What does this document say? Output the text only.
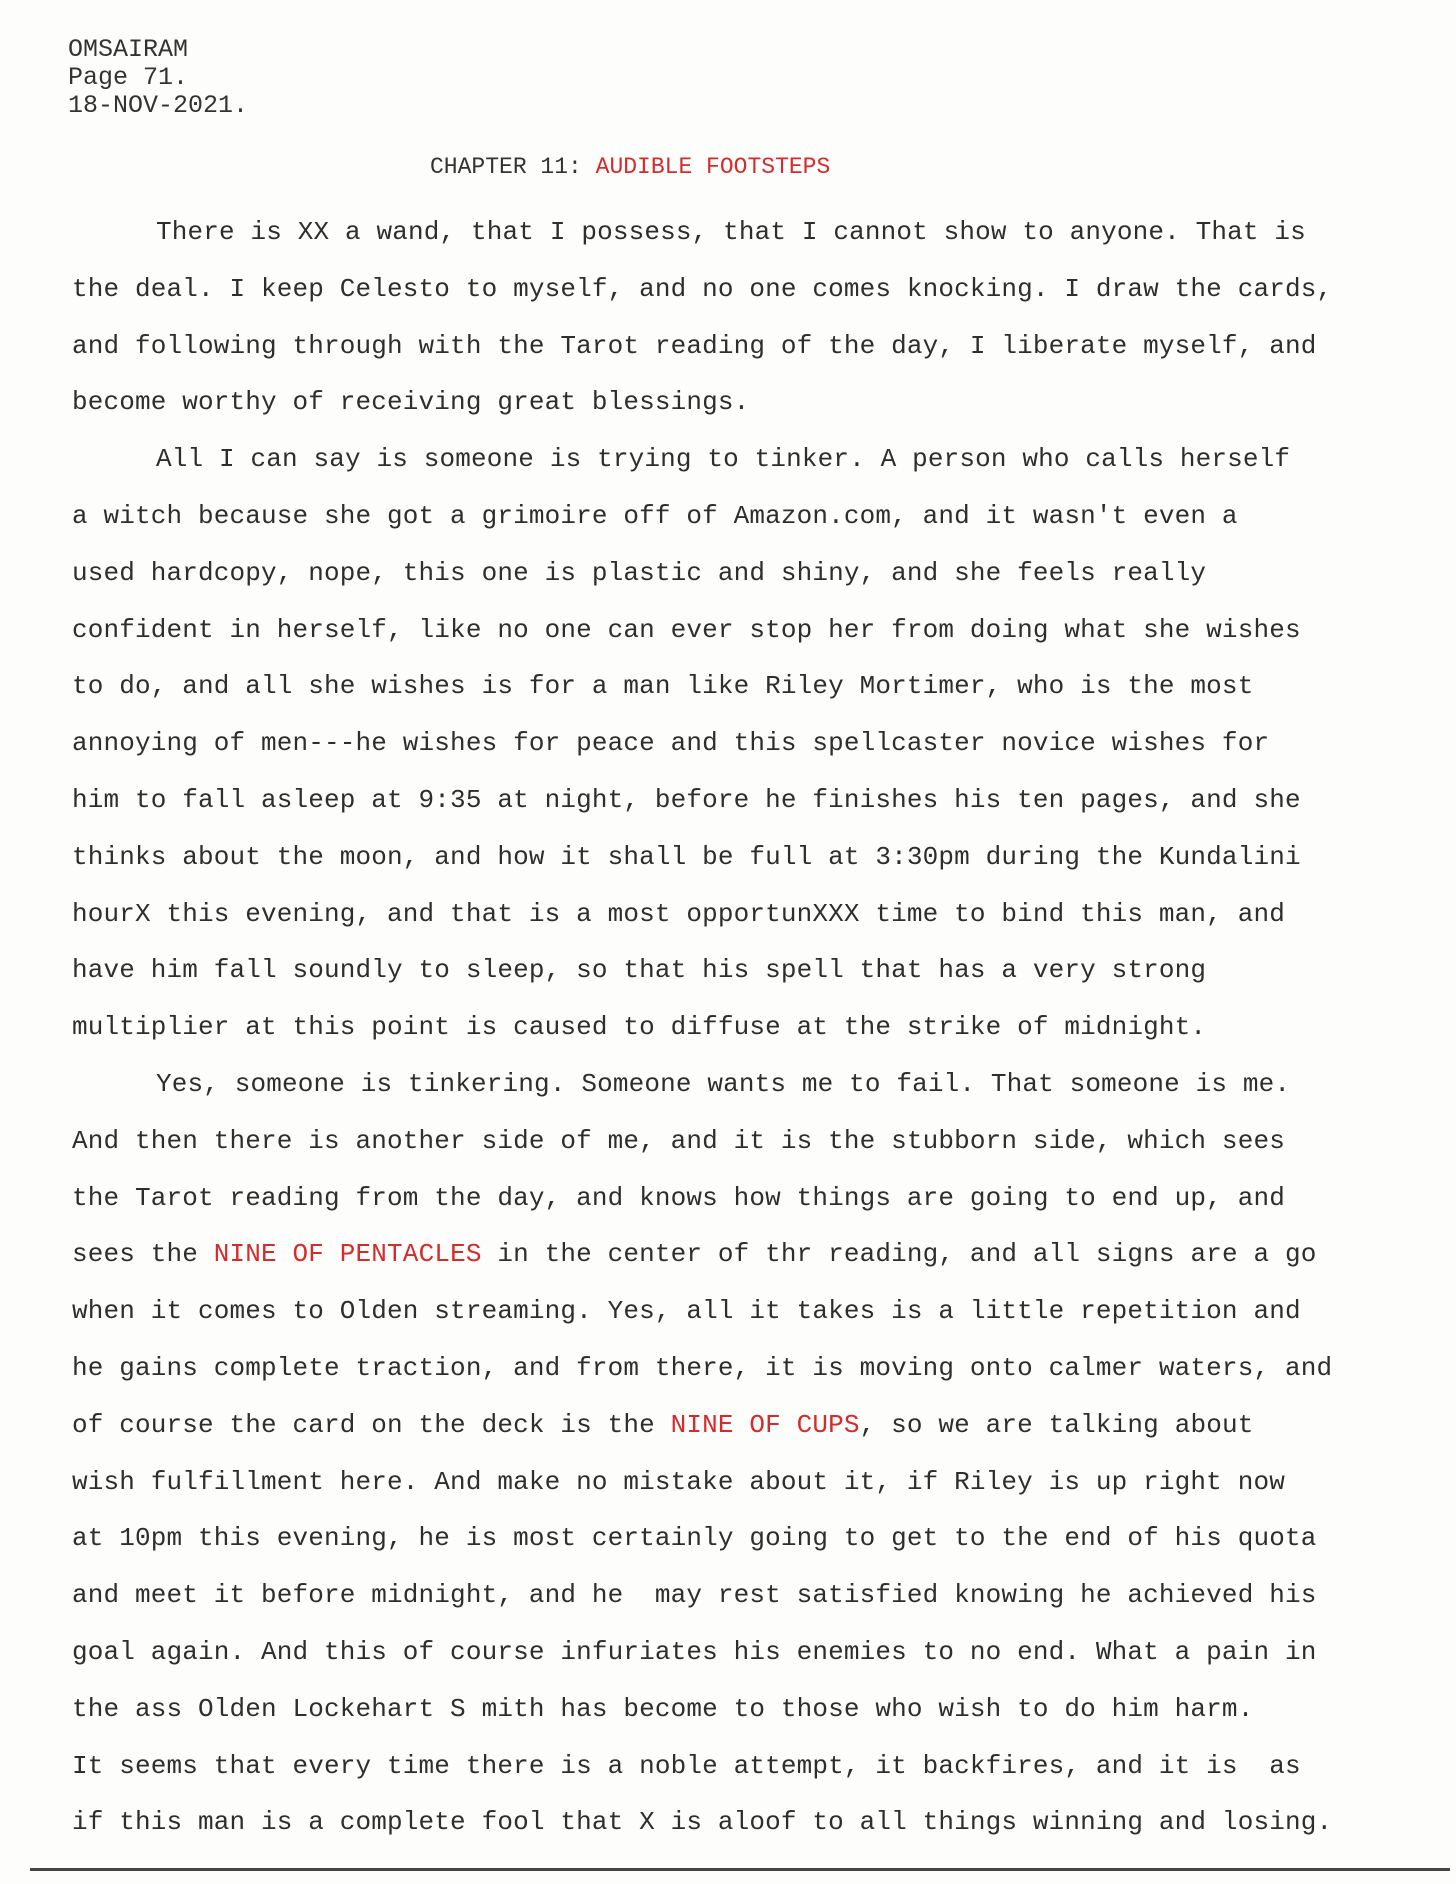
OMSAIRAM
Page 71.
18-NOV-2021.
CHAPTER 11: AUDIBLE FOOTSTEPS
There is XX a wand, that I possess, that I cannot show to anyone. That is
the deal. I keep Celesto to myself, and no one comes knocking. I draw the cards,
and following through with the Tarot reading of the day, I liberate myself, and
become worthy of receiving great blessings.
All I can say is someone is trying to tinker. A person who calls herself
a witch because she got a grimoire off of Amazon.com, and it wasn't even a
used hardcopy, nope, this one is plastic and shiny, and she feels really
confident in herself, like no one can ever stop her from doing what she wishes
to do, and all she wishes is for a man like Riley Mortimer, who is the most
annoying of men---he wishes for peace and this spellcaster novice wishes for
him to fall asleep at 9:35 at night, before he finishes his ten pages, and she
thinks about the moon, and how it shall be full at 3:30pm during the Kundalini
hourX this evening, and that is a most opportunXXX time to bind this man, and
have him fall soundly to sleep, so that his spell that has a very strong
multiplier at this point is caused to diffuse at the strike of midnight.
Yes, someone is tinkering. Someone wants me to fail. That someone is me.
And then there is another side of me, and it is the stubborn side, which sees
the Tarot reading from the day, and knows how things are going to end up, and
sees the NINE OF PENTACLES in the center of thr reading, and all signs are a go
when it comes to Olden streaming. Yes, all it takes is a little repetition and
he gains complete traction, and from there, it is moving onto calmer waters, and
of course the card on the deck is the NINE OF CUPS, so we are talking about
wish fulfillment here. And make no mistake about it, if Riley is up right now
at 10pm this evening, he is most certainly going to get to the end of his quota
and meet it before midnight, and he  may rest satisfied knowing he achieved his
goal again. And this of course infuriates his enemies to no end. What a pain in
the ass Olden Lockehart S mith has become to those who wish to do him harm.
It seems that every time there is a noble attempt, it backfires, and it is  as
if this man is a complete fool that X is aloof to all things winning and losing.
